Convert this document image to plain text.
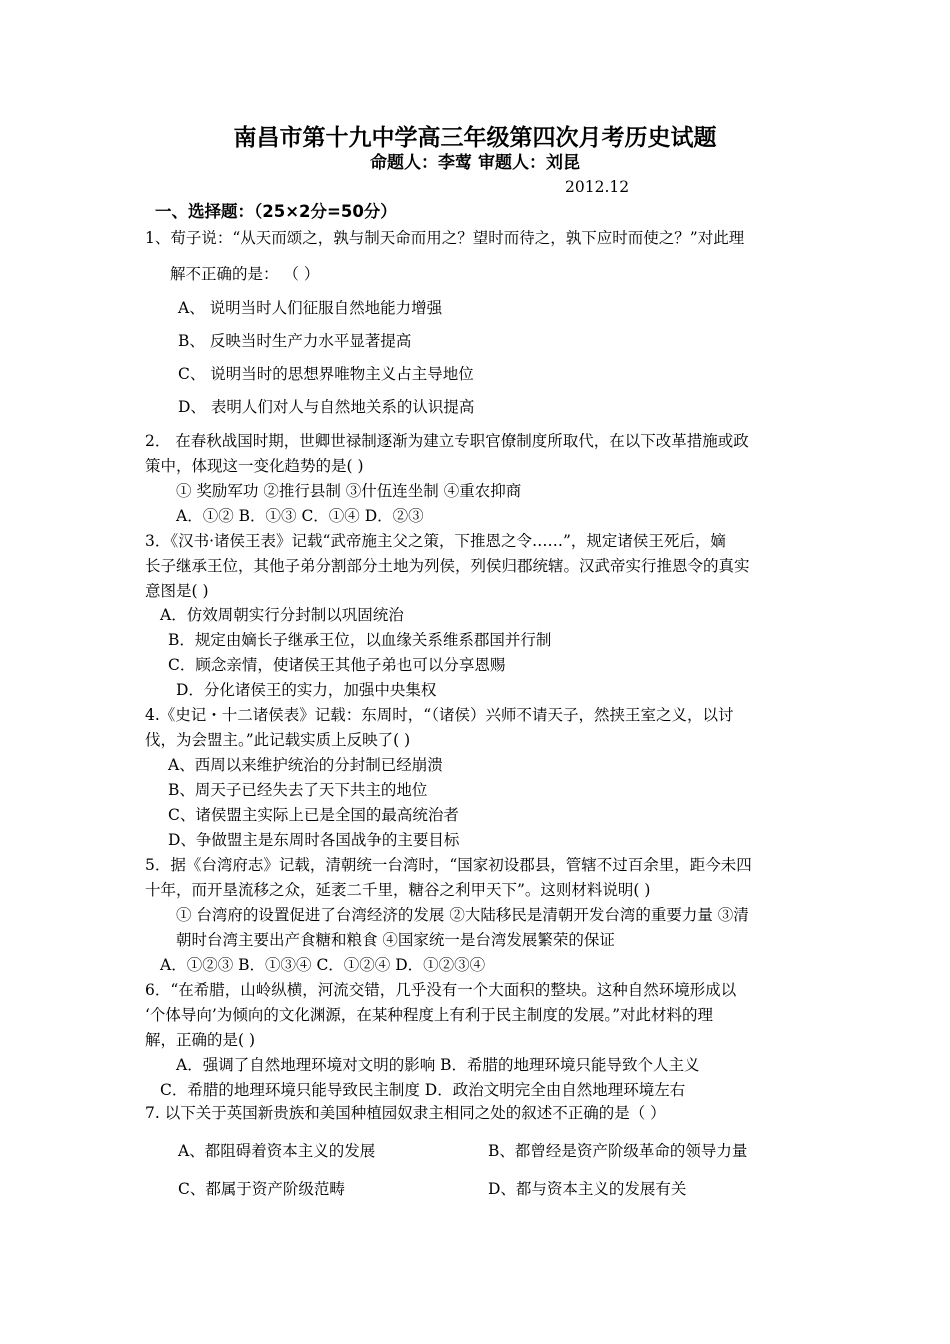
南昌市第十九中学高三年级第四次月考历史试题
命题人：李莺 审题人：刘昆
2012.12
一、选择题：（25×2分=50分）
1、荀子说：“从天而颂之，孰与制天命而用之？望时而待之，孰下应时而使之？”对此理
解不正确的是： （ ）
A、 说明当时人们征服自然地能力增强
B、 反映当时生产力水平显著提高
C、 说明当时的思想界唯物主义占主导地位
D、 表明人们对人与自然地关系的认识提高
2． 在春秋战国时期，世卿世禄制逐渐为建立专职官僚制度所取代，在以下改革措施或政
策中，体现这一变化趋势的是( )
① 奖励军功 ②推行县制 ③什伍连坐制 ④重农抑商
A．①② B．①③ C．①④ D．②③
3．《汉书·诸侯王表》记载“武帝施主父之策，下推恩之令……”，规定诸侯王死后，嫡
长子继承王位，其他子弟分割部分土地为列侯，列侯归郡统辖。汉武帝实行推恩令的真实
意图是( )
A．仿效周朝实行分封制以巩固统治
B．规定由嫡长子继承王位，以血缘关系维系郡国并行制
C．顾念亲情，使诸侯王其他子弟也可以分享恩赐
D．分化诸侯王的实力，加强中央集权
4.《史记・十二诸侯表》记载：东周时，“（诸侯）兴师不请天子，然挟王室之义，以讨
伐，为会盟主。”此记载实质上反映了( )
A、西周以来维护统治的分封制已经崩溃
B、周天子已经失去了天下共主的地位
C、诸侯盟主实际上已是全国的最高统治者
D、争做盟主是东周时各国战争的主要目标
5．据《台湾府志》记载，清朝统一台湾时，“国家初设郡县，管辖不过百余里，距今未四
十年，而开垦流移之众，延袤二千里，糖谷之利甲天下”。这则材料说明( )
① 台湾府的设置促进了台湾经济的发展 ②大陆移民是清朝开发台湾的重要力量 ③清
朝时台湾主要出产食糖和粮食 ④国家统一是台湾发展繁荣的保证
A．①②③ B．①③④ C．①②④ D．①②③④
6．“在希腊，山岭纵横，河流交错，几乎没有一个大面积的整块。这种自然环境形成以
‘个体导向’为倾向的文化渊源，在某种程度上有利于民主制度的发展。”对此材料的理
解，正确的是( )
A．强调了自然地理环境对文明的影响 B．希腊的地理环境只能导致个人主义
C．希腊的地理环境只能导致民主制度 D．政治文明完全由自然地理环境左右
7. 以下关于英国新贵族和美国种植园奴隶主相同之处的叙述不正确的是（ ）
A、都阻碍着资本主义的发展	B、都曾经是资产阶级革命的领导力量
C、都属于资产阶级范畴	D、都与资本主义的发展有关
